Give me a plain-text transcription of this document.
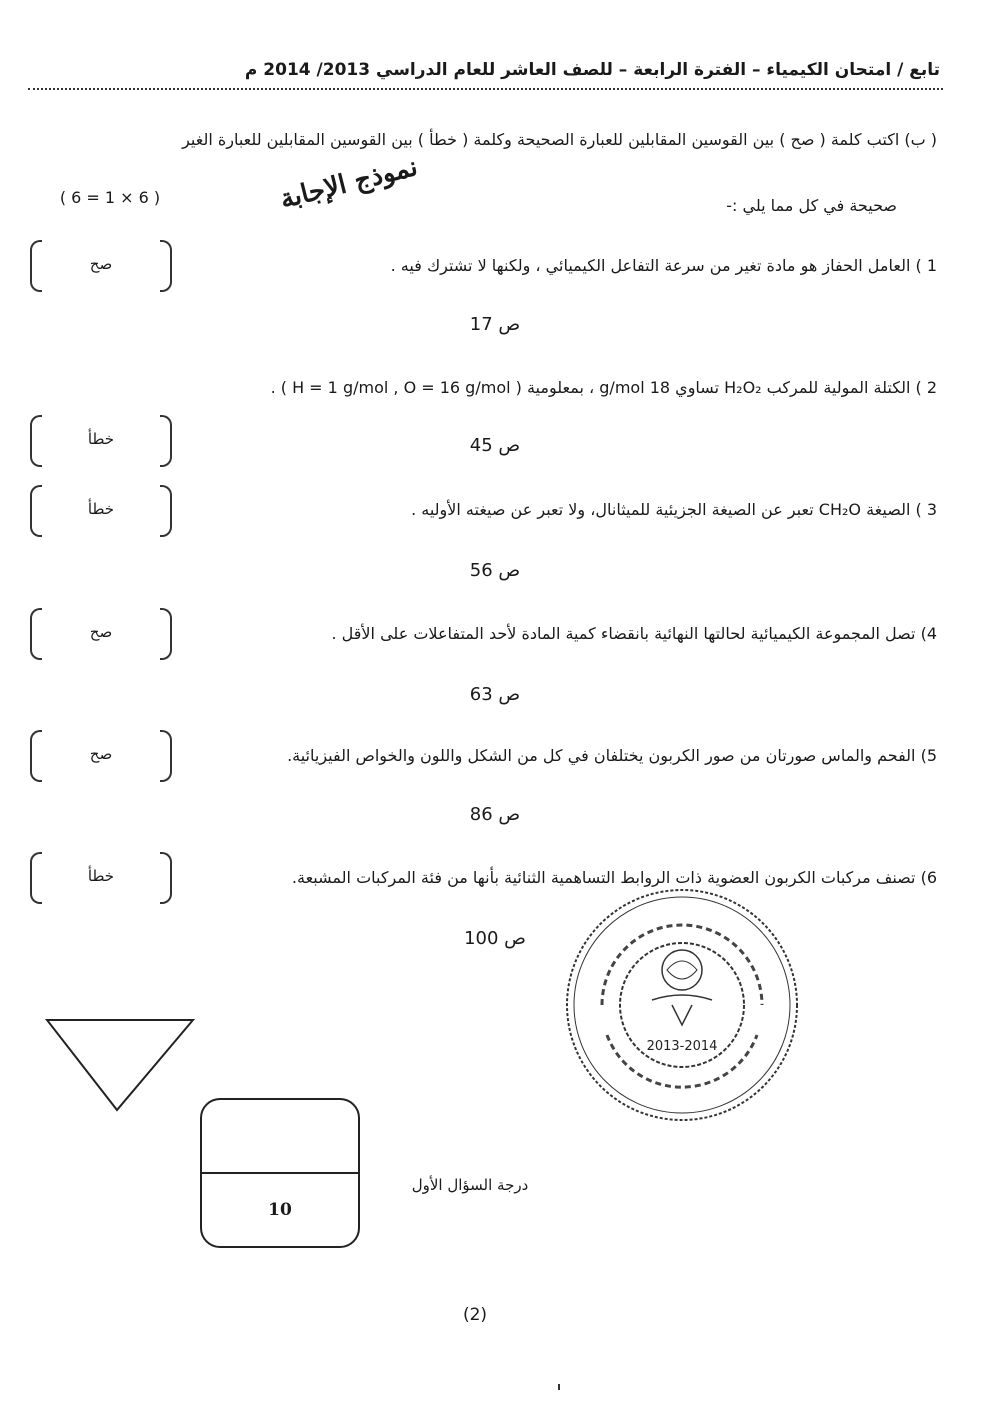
تابع / امتحان الكيمياء – الفترة الرابعة – للصف العاشر للعام الدراسي 2013/ 2014 م
( ب) اكتب كلمة ( صح ) بين القوسين المقابلين للعبارة الصحيحة وكلمة ( خطأ ) بين القوسين المقابلين للعبارة الغير
صحيحة في كل مما يلي :-
( 6 = 1 × 6 )	نموذج الإجابة
1 ) العامل الحفاز هو مادة تغير من سرعة التفاعل الكيميائي ، ولكنها لا تشترك فيه .
صح
ص 17
2 ) الكتلة المولية للمركب H₂O₂ تساوي 18 g/mol ، بمعلومية ( H = 1 g/mol , O = 16 g/mol ) .
خطأ	ص 45
3 ) الصيغة CH₂O تعبر عن الصيغة الجزيئية للميثانال، ولا تعبر عن صيغته الأوليه .
خطأ
ص 56
4) تصل المجموعة الكيميائية لحالتها النهائية بانقضاء كمية المادة لأحد المتفاعلات على الأقل .
صح
ص 63
5) الفحم والماس صورتان من صور الكربون يختلفان في كل من الشكل واللون والخواص الفيزيائية.
صح
ص 86
6) تصنف مركبات الكربون العضوية ذات الروابط التساهمية الثنائية بأنها من فئة المركبات المشبعة.
خطأ
ص 100
2013-2014
10
درجة السؤال الأول
(2)
